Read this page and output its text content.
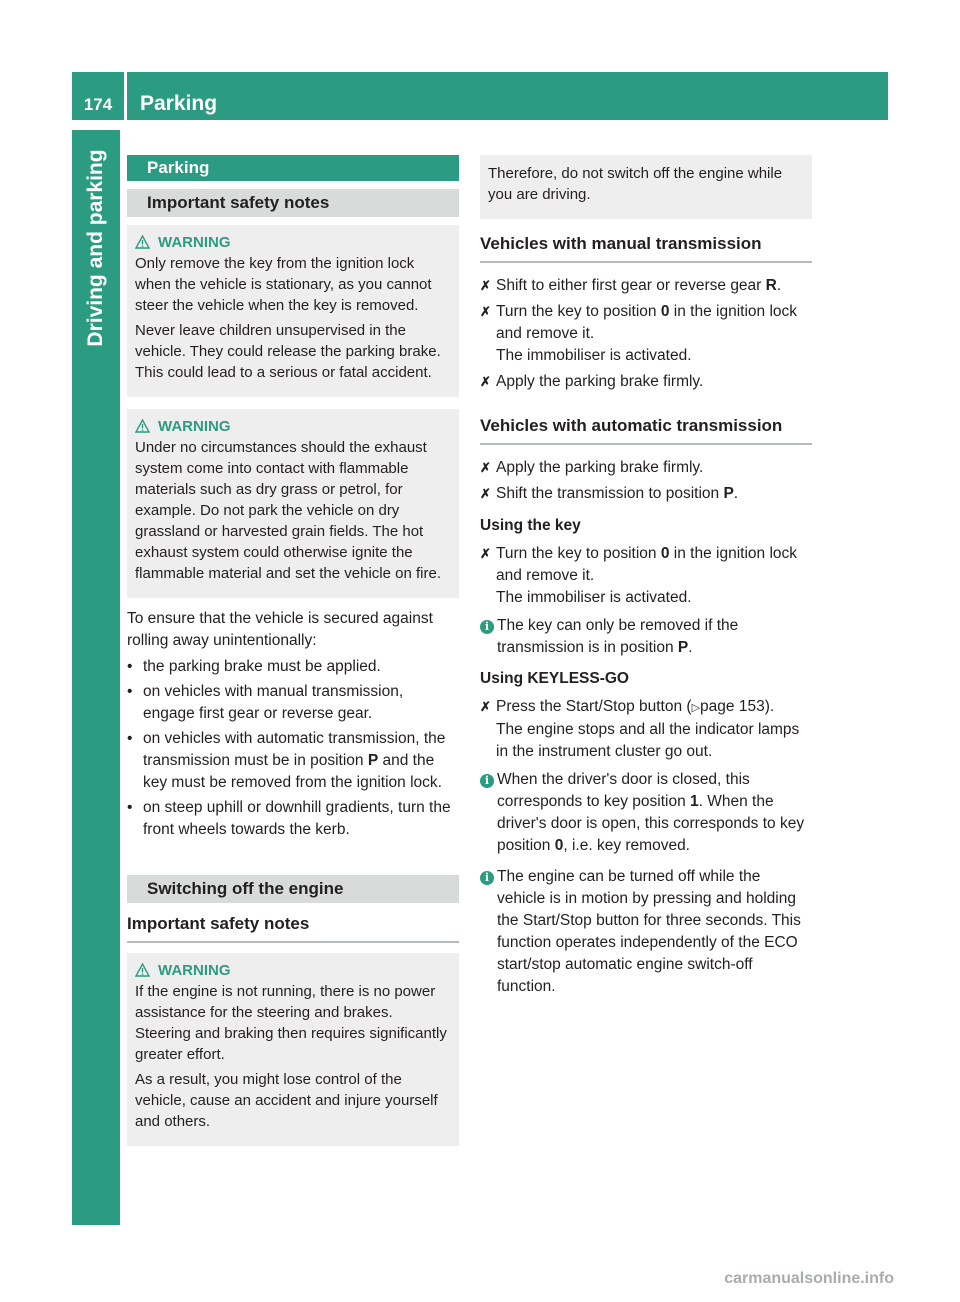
174	Parking
Driving and parking	Parking
Important safety notes
WARNING

Only remove the key from the ignition lock when the vehicle is stationary, as you cannot steer the vehicle when the key is removed.

Never leave children unsupervised in the vehicle. They could release the parking brake. This could lead to a serious or fatal accident.

WARNING

Under no circumstances should the exhaust system come into contact with flammable materials such as dry grass or petrol, for example. Do not park the vehicle on dry grassland or harvested grain fields. The hot exhaust system could otherwise ignite the flammable material and set the vehicle on fire.

To ensure that the vehicle is secured against rolling away unintentionally:

• the parking brake must be applied.
• on vehicles with manual transmission, engage first gear or reverse gear.
• on vehicles with automatic transmission, the transmission must be in position P and the key must be removed from the ignition lock.
• on steep uphill or downhill gradients, turn the front wheels towards the kerb.
Switching off the engine

Important safety notes

WARNING

If the engine is not running, there is no power assistance for the steering and brakes. Steering and braking then requires significantly greater effort.

As a result, you might lose control of the vehicle, cause an accident and injure yourself and others.

Therefore, do not switch off the engine while you are driving.

Vehicles with manual transmission

✗ Shift to either first gear or reverse gear R.
✗ Turn the key to position 0 in the ignition lock and remove it.
The immobiliser is activated.
✗ Apply the parking brake firmly.

Vehicles with automatic transmission

✗ Apply the parking brake firmly.
✗ Shift the transmission to position P.

Using the key

✗ Turn the key to position 0 in the ignition lock and remove it.
The immobiliser is activated.
i The key can only be removed if the transmission is in position P.

Using KEYLESS-GO

✗ Press the Start/Stop button (▷page 153).
The engine stops and all the indicator lamps in the instrument cluster go out.
i When the driver's door is closed, this corresponds to key position 1. When the driver's door is open, this corresponds to key position 0, i.e. key removed.
i The engine can be turned off while the vehicle is in motion by pressing and holding the Start/Stop button for three seconds. This function operates independently of the ECO start/stop automatic engine switch-off function.
carmanualsonline.info
